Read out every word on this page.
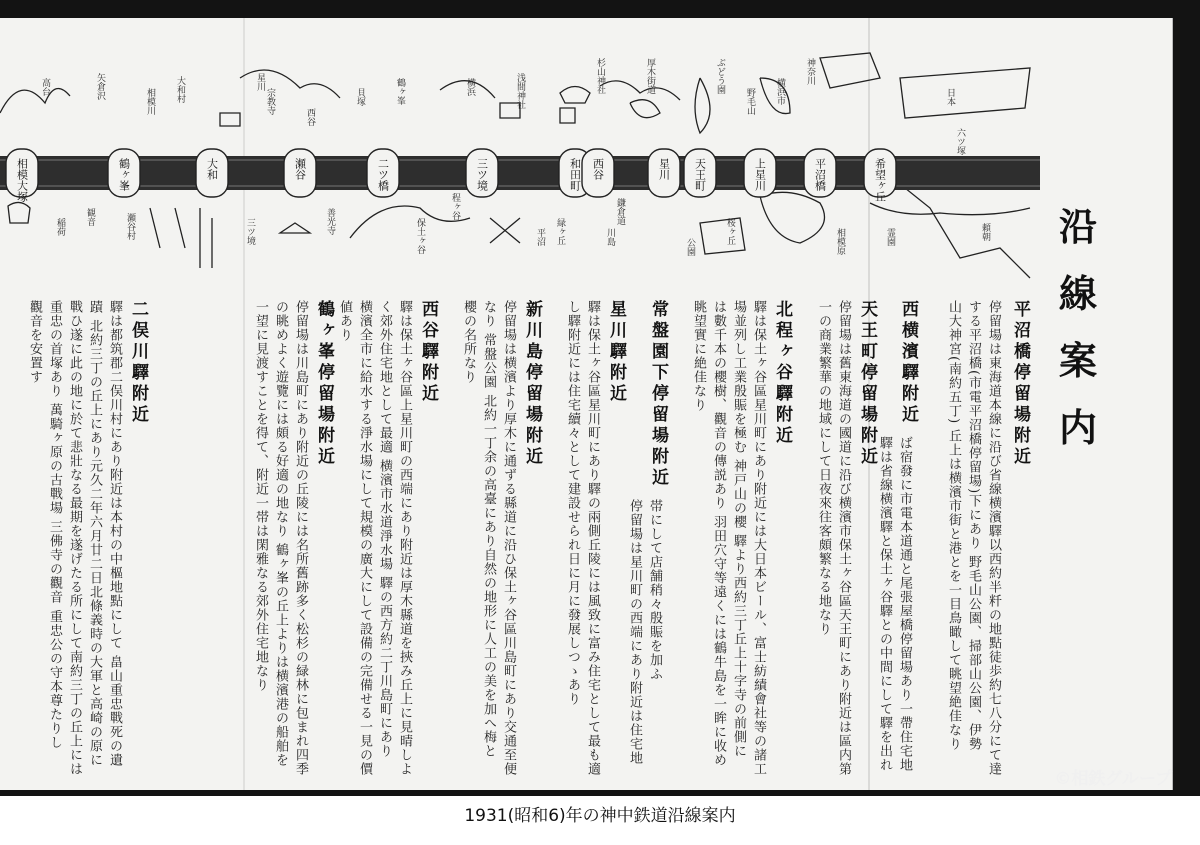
矢倉沢
相模川 大和村
瀬谷村
宗教寺
三ツ境	善光寺
星川
西谷
鶴ヶ峯
保土ヶ谷
程ヶ谷
横浜
平沼
浅間神社	杉山神社
鎌倉道
厚木街道
公園
ぶどう園	横浜市
神奈川
相模原
六ツ塚
頼朝
霊園
稲荷
観音
貝塚
緑ヶ丘	川島	桜ヶ丘
野毛山	日本
高台
瀬谷	二ツ橋	三ツ境	希望ヶ丘
上星川
和田町	天王町	平沼橋
大和	西谷	星川
鶴ヶ峯
相模大塚
沿
線
案
内
平沼橋停留場附近
停留場は東海道本線に沿び省線横濱驛以西約半粁の地點徒歩約七八分にて達
する平沼橋(市電平沼橋停留場)下にあり 野毛山公園、掃部山公園、伊勢
山大神宮(南約五丁) 丘上は横濱市街と港とを一目鳥瞰して眺望絶佳なり
西横濱驛附近
驛は省線横濱驛と保土ヶ谷驛との中間にして驛を出れ ば宿發に市電本道通と尾張屋橋停留場あり一帶住宅地
天王町停留場附近
停留場は舊東海道の國道に沿び横濱市保土ヶ谷區天王町にあり附近は區内第
一の商業繁華の地域にして日夜來往客頗繁なる地なり
北程ヶ谷驛附近
驛は保土ヶ谷區星川町にあり附近には大日本ビール、富士紡績會社等の諸工
場並列し工業殷賑を極む 神戸山の櫻 驛より西約三丁丘上十字寺の前側に
は數千本の櫻樹、觀音の傳説あり 羽田穴守等遠くには鶴牛島を一眸に收め
眺望實に絶佳なり
常盤園下停留場附近
停留場は星川町の西端にあり附近は住宅地 帯にして店舗稍々殷賑を加ふ
星川驛附近
驛は保土ヶ谷區星川町にあり驛の兩側丘陵には風致に富み住宅として最も適
し驛附近には住宅續々として建設せられ日に月に發展しつゝあり
新川島停留場附近
停留場は横濱より厚木に通ずる縣道に沿ひ保土ヶ谷區川島町にあり交通至便
なり 常盤公園 北約一丁余の高臺にあり自然の地形に人工の美を加へ梅と
櫻の名所なり
西谷驛附近
驛は保土ヶ谷區上星川町の西端にあり附近は厚木縣道を挾み丘上に見晴しよ
く郊外住宅地として最適 横濱市水道淨水場 驛の西方約二丁川島町にあり
横濱全市に給水する淨水場にして規模の廣大にして設備の完備せる一見の價
値あり
鶴ヶ峯停留場附近
停留場は川島町にあり附近の丘陵には名所舊跡多く松杉の緑林に包まれ四季
の眺めよく遊覽には頗る好適の地なり 鶴ヶ峯の丘上よりは横濱港の船舶を
一望に見渡すことを得て、附近一帯は閑雅なる郊外住宅地なり
二俣川驛附近
驛は都筑郡二俣川村にあり附近は本村の中樞地點にして 畠山重忠戰死の遺
蹟 北約三丁の丘上にあり元久二年六月廿二日北條義時の大軍と高崎の原に
戰ひ遂に此の地に於て悲壯なる最期を遂げたる所にして南約三丁の丘上には
重忠の首塚あり 萬騎ヶ原の古戰場 三佛寺の觀音 重忠公の守本尊たりし
觀音を安置す
©相鉄グループ
1931(昭和6)年の神中鉄道沿線案内
